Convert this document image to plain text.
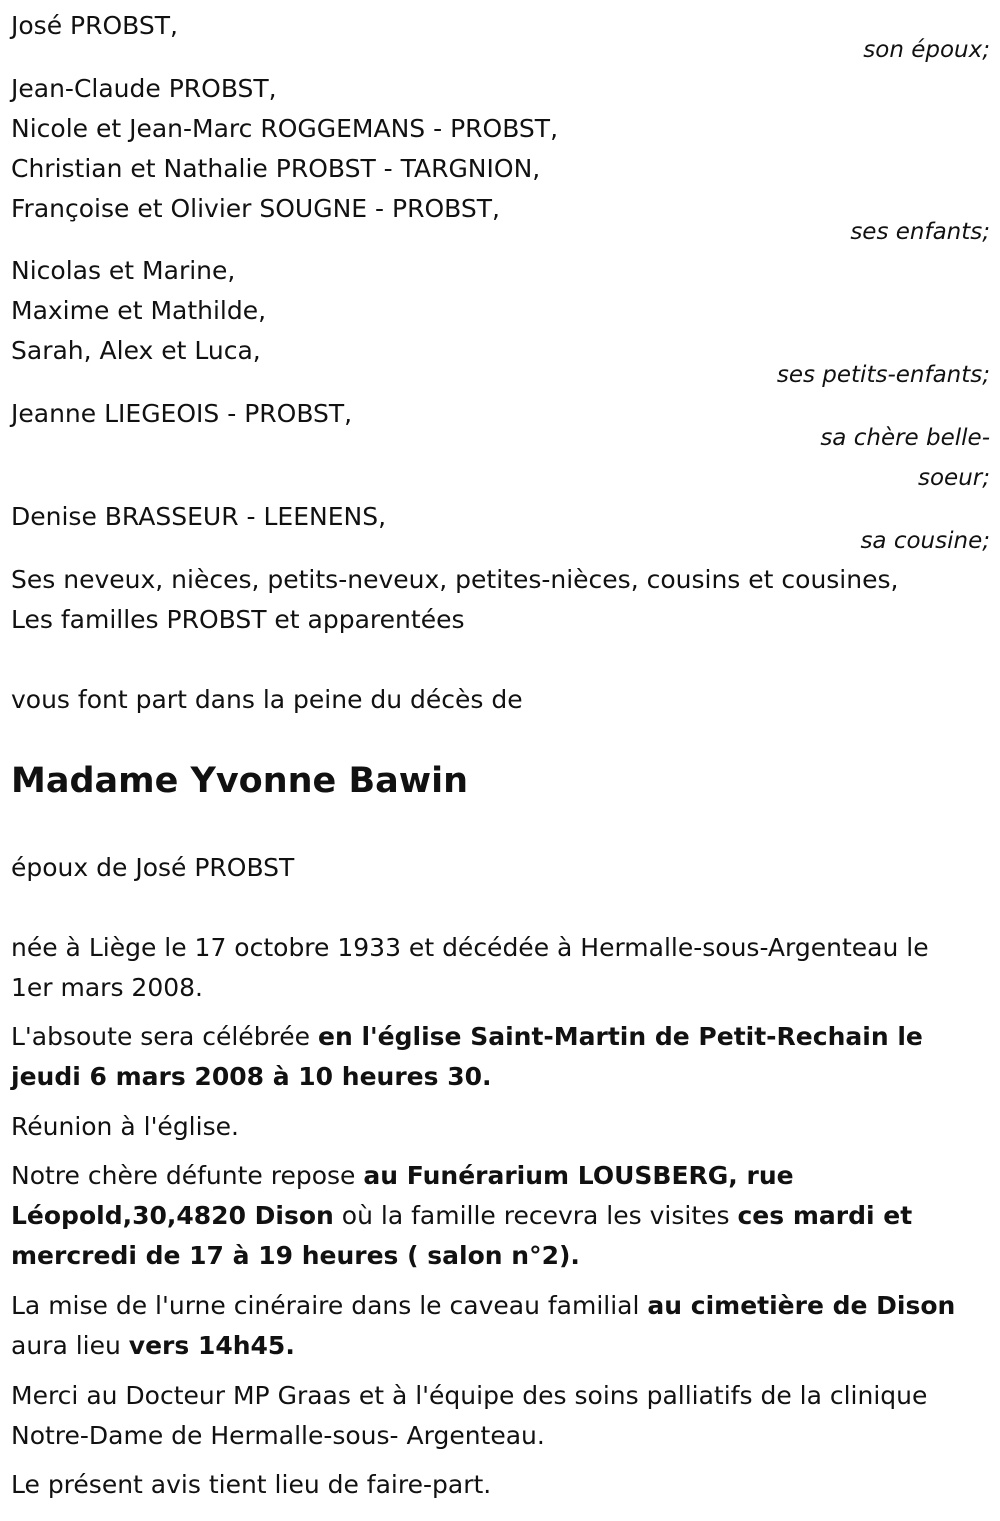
José PROBST,
son époux;
Jean-Claude PROBST,
Nicole et Jean-Marc ROGGEMANS - PROBST,
Christian et Nathalie PROBST - TARGNION,
Françoise et Olivier SOUGNE - PROBST,
ses enfants;
Nicolas et Marine,
Maxime et Mathilde,
Sarah, Alex et Luca,
ses petits-enfants;
Jeanne LIEGEOIS - PROBST,
sa chère belle-
soeur;
Denise BRASSEUR - LEENENS,
sa cousine;
Ses neveux, nièces, petits-neveux, petites-nièces, cousins et cousines,
Les familles PROBST et apparentées
vous font part dans la peine du décès de
Madame Yvonne Bawin
époux de José PROBST
née à Liège le 17 octobre 1933 et décédée à Hermalle-sous-Argenteau le
1er mars 2008.
L'absoute sera célébrée en l'église Saint-Martin de Petit-Rechain le
jeudi 6 mars 2008 à 10 heures 30.
Réunion à l'église.
Notre chère défunte repose au Funérarium LOUSBERG, rue
Léopold,30,4820 Dison où la famille recevra les visites ces mardi et
mercredi de 17 à 19 heures ( salon n°2).
La mise de l'urne cinéraire dans le caveau familial au cimetière de Dison
aura lieu vers 14h45.
Merci au Docteur MP Graas et à l'équipe des soins palliatifs de la clinique
Notre-Dame de Hermalle-sous- Argenteau.
Le présent avis tient lieu de faire-part.
